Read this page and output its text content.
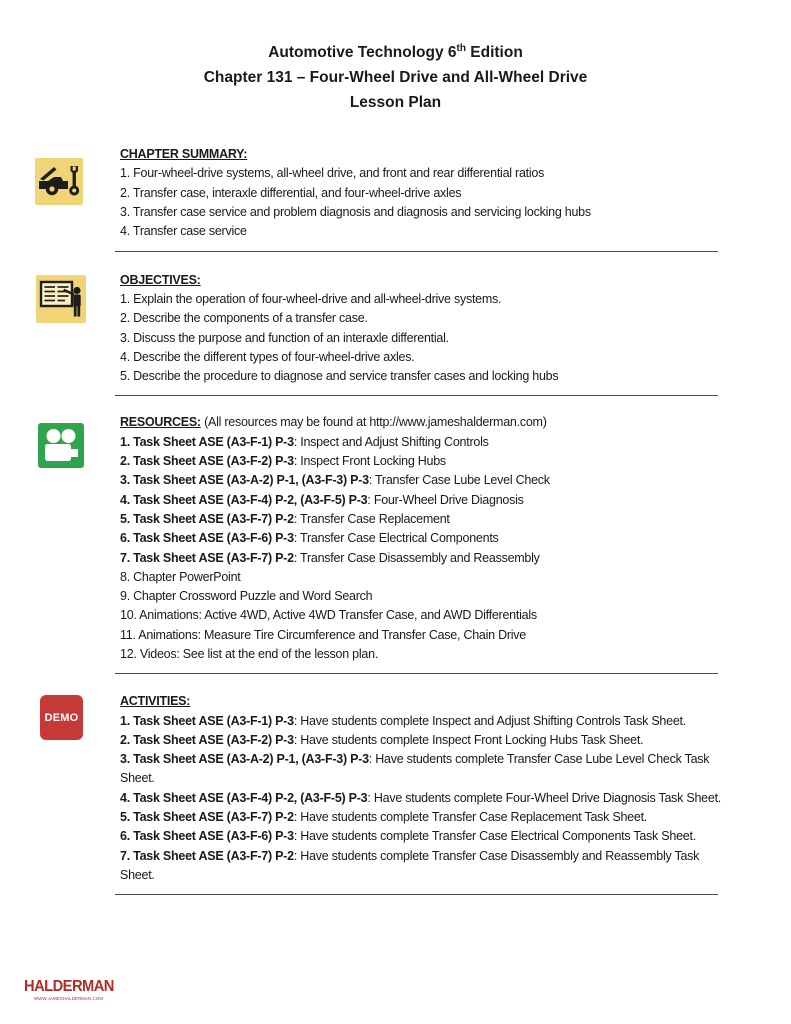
Automotive Technology 6th Edition
Chapter 131 – Four-Wheel Drive and All-Wheel Drive
Lesson Plan
DEMO
CHAPTER SUMMARY:
1. Four-wheel-drive systems, all-wheel drive, and front and rear differential ratios
2. Transfer case, interaxle differential, and four-wheel-drive axles
3. Transfer case service and problem diagnosis and diagnosis and servicing locking hubs
4. Transfer case service
OBJECTIVES:
1. Explain the operation of four-wheel-drive and all-wheel-drive systems.
2. Describe the components of a transfer case.
3. Discuss the purpose and function of an interaxle differential.
4. Describe the different types of four-wheel-drive axles.
5. Describe the procedure to diagnose and service transfer cases and locking hubs
RESOURCES: (All resources may be found at http://www.jameshalderman.com)
1. Task Sheet ASE (A3-F-1) P-3: Inspect and Adjust Shifting Controls
2. Task Sheet ASE (A3-F-2) P-3: Inspect Front Locking Hubs
3. Task Sheet ASE (A3-A-2) P-1, (A3-F-3) P-3: Transfer Case Lube Level Check
4. Task Sheet ASE (A3-F-4) P-2, (A3-F-5) P-3: Four-Wheel Drive Diagnosis
5. Task Sheet ASE (A3-F-7) P-2: Transfer Case Replacement
6. Task Sheet ASE (A3-F-6) P-3: Transfer Case Electrical Components
7. Task Sheet ASE (A3-F-7) P-2: Transfer Case Disassembly and Reassembly
8. Chapter PowerPoint
9. Chapter Crossword Puzzle and Word Search
10. Animations: Active 4WD, Active 4WD Transfer Case, and AWD Differentials
11. Animations: Measure Tire Circumference and Transfer Case, Chain Drive
12. Videos: See list at the end of the lesson plan.
ACTIVITIES:
1. Task Sheet ASE (A3-F-1) P-3: Have students complete Inspect and Adjust Shifting Controls Task Sheet.
2. Task Sheet ASE (A3-F-2) P-3: Have students complete Inspect Front Locking Hubs Task Sheet.
3. Task Sheet ASE (A3-A-2) P-1, (A3-F-3) P-3: Have students complete Transfer Case Lube Level Check Task Sheet.
4. Task Sheet ASE (A3-F-4) P-2, (A3-F-5) P-3: Have students complete Four-Wheel Drive Diagnosis Task Sheet.
5. Task Sheet ASE (A3-F-7) P-2: Have students complete Transfer Case Replacement Task Sheet.
6. Task Sheet ASE (A3-F-6) P-3: Have students complete Transfer Case Electrical Components Task Sheet.
7. Task Sheet ASE (A3-F-7) P-2: Have students complete Transfer Case Disassembly and Reassembly Task Sheet.
HALDERMAN
WWW.JAMESHALDERMAN.COM
